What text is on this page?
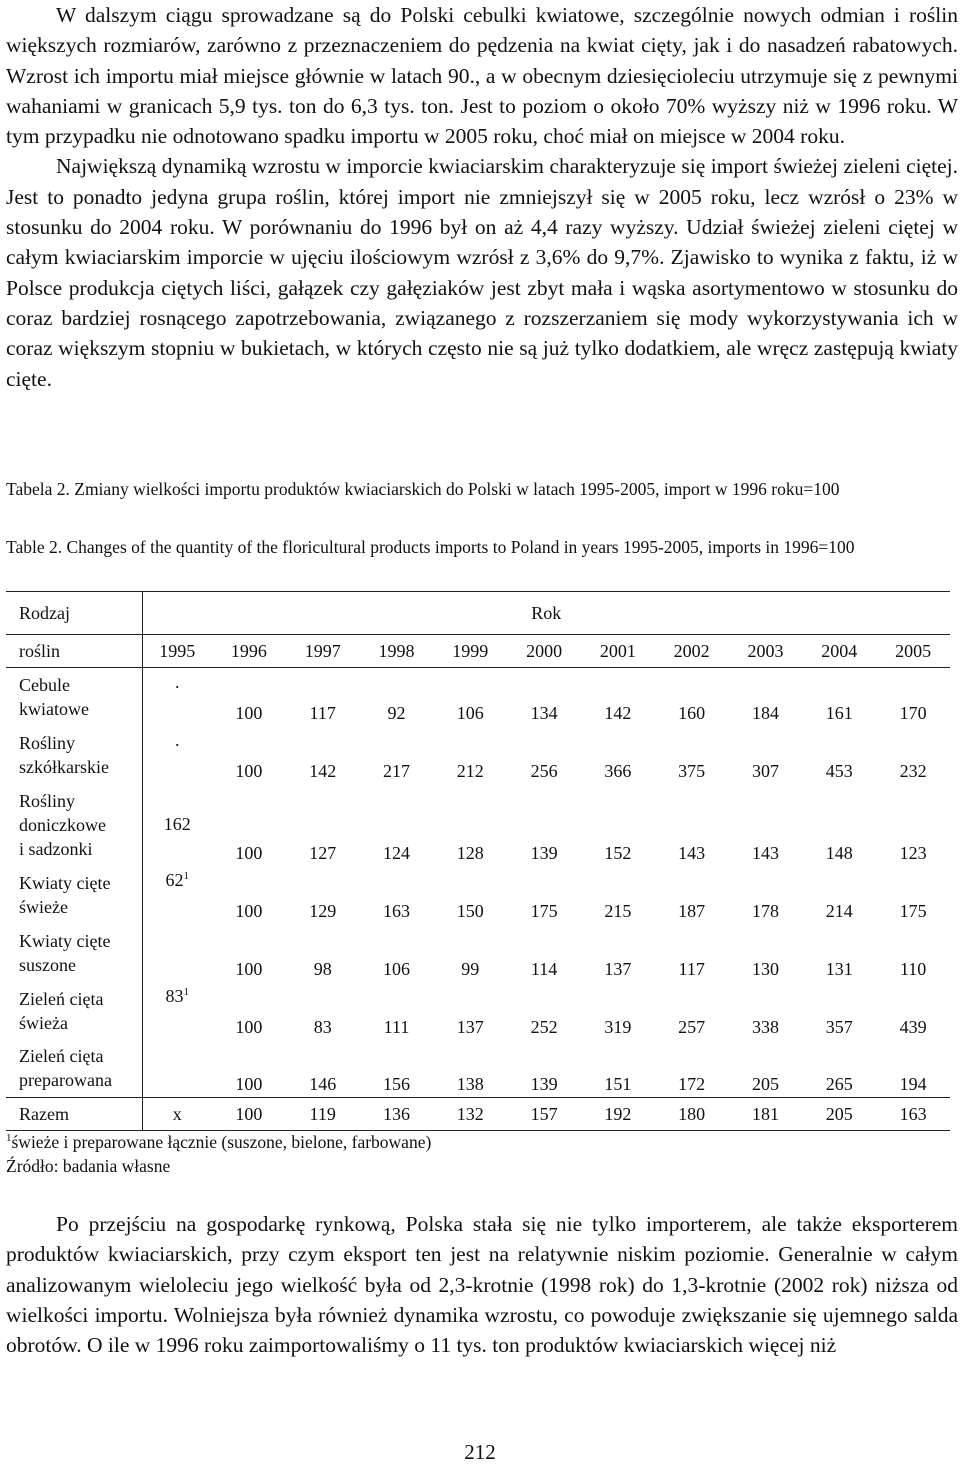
W dalszym ciągu sprowadzane są do Polski cebulki kwiatowe, szczególnie nowych odmian i roślin większych rozmiarów, zarówno z przeznaczeniem do pędzenia na kwiat cięty, jak i do nasadzeń rabatowych. Wzrost ich importu miał miejsce głównie w latach 90., a w obecnym dziesięcioleciu utrzymuje się z pewnymi wahaniami w granicach 5,9 tys. ton do 6,3 tys. ton. Jest to poziom o około 70% wyższy niż w 1996 roku. W tym przypadku nie odnotowano spadku importu w 2005 roku, choć miał on miejsce w 2004 roku.

Największą dynamiką wzrostu w imporcie kwiaciarskim charakteryzuje się import świeżej zieleni ciętej. Jest to ponadto jedyna grupa roślin, której import nie zmniejszył się w 2005 roku, lecz wzrósł o 23% w stosunku do 2004 roku. W porównaniu do 1996 był on aż 4,4 razy wyższy. Udział świeżej zieleni ciętej w całym kwiaciarskim imporcie w ujęciu ilościowym wzrósł z 3,6% do 9,7%. Zjawisko to wynika z faktu, iż w Polsce produkcja ciętych liści, gałązek czy gałęziaków jest zbyt mała i wąska asortymentowo w stosunku do coraz bardziej rosnącego zapotrzebowania, związanego z rozszerzaniem się mody wykorzystywania ich w coraz większym stopniu w bukietach, w których często nie są już tylko dodatkiem, ale wręcz zastępują kwiaty cięte.

Tabela 2. Zmiany wielkości importu produktów kwiaciarskich do Polski w latach 1995-2005, import w 1996 roku=100

Table 2. Changes of the quantity of the floricultural products imports to Poland in years 1995-2005, imports in 1996=100

Rodzaj	Rok										
roślin	1995	1996	1997	1998	1999	2000	2001	2002	2003	2004	2005

Cebule
kwiatowe	.	100	117	92	106	134	142	160	184	161	170

Rośliny
szkółkarskie	.	100	142	217	212	256	366	375	307	453	232

Rośliny
doniczkowe
i sadzonki	162	100	127	124	128	139	152	143	143	148	123

Kwiaty cięte
świeże	$62^1$	100	129	163	150	175	215	187	178	214	175

Kwiaty cięte
suszone		100	98	106	99	114	137	117	130	131	110

Zieleń cięta
świeża	$83^1$	100	83	111	137	252	319	257	338	357	439

Zieleń cięta
preparowana		100	146	156	138	139	151	172	205	265	194
Razem	x	100	119	136	132	157	192	180	181	205	163

$^1$świeże i preparowane łącznie (suszone, bielone, farbowane)

Źródło: badania własne

Po przejściu na gospodarkę rynkową, Polska stała się nie tylko importerem, ale także eksporterem produktów kwiaciarskich, przy czym eksport ten jest na relatywnie niskim poziomie. Generalnie w całym analizowanym wieloleciu jego wielkość była od 2,3-krotnie (1998 rok) do 1,3-krotnie (2002 rok) niższa od wielkości importu. Wolniejsza była również dynamika wzrostu, co powoduje zwiększanie się ujemnego salda obrotów. O ile w 1996 roku zaimportowaliśmy o 11 tys. ton produktów kwiaciarskich więcej niż

212
